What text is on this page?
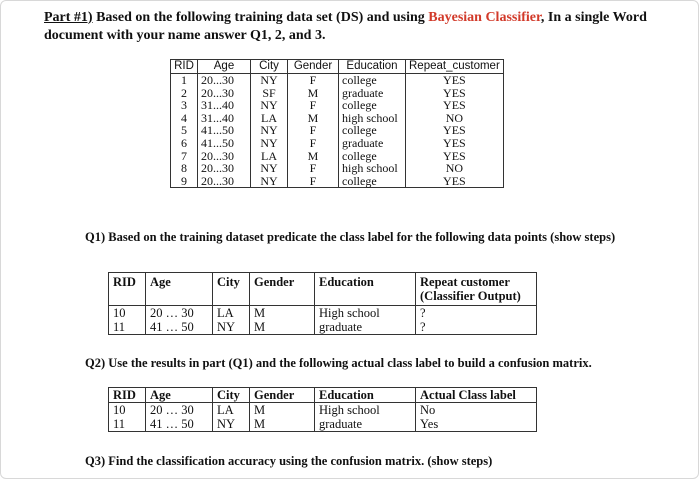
Part #1) Based on the following training data set (DS) and using Bayesian Classifier, In a single Word document with your name answer Q1, 2, and 3.
RID	Age	City	Gender	Education	Repeat_customer
1	20...30	NY	F	college	YES
2	20...30	SF	M	graduate	YES
3	31...40	NY	F	college	YES
4	31...40	LA	M	high school	NO
5	41...50	NY	F	college	YES
6	41...50	NY	F	graduate	YES
7	20...30	LA	M	college	YES
8	20...30	NY	F	high school	NO
9	20...30	NY	F	college	YES
Q1) Based on the training dataset predicate the class label for the following data points (show steps)
RID	Age	City	Gender	Education	Repeat customer (Classifier Output)
10	20 … 30	LA	M	High school	?
11	41 … 50	NY	M	graduate	?
Q2) Use the results in part (Q1) and the following actual class label to build a confusion matrix.
RID	Age	City	Gender	Education	Actual Class label
10	20 … 30	LA	M	High school	No
11	41 … 50	NY	M	graduate	Yes
Q3) Find the classification accuracy using the confusion matrix. (show steps)
